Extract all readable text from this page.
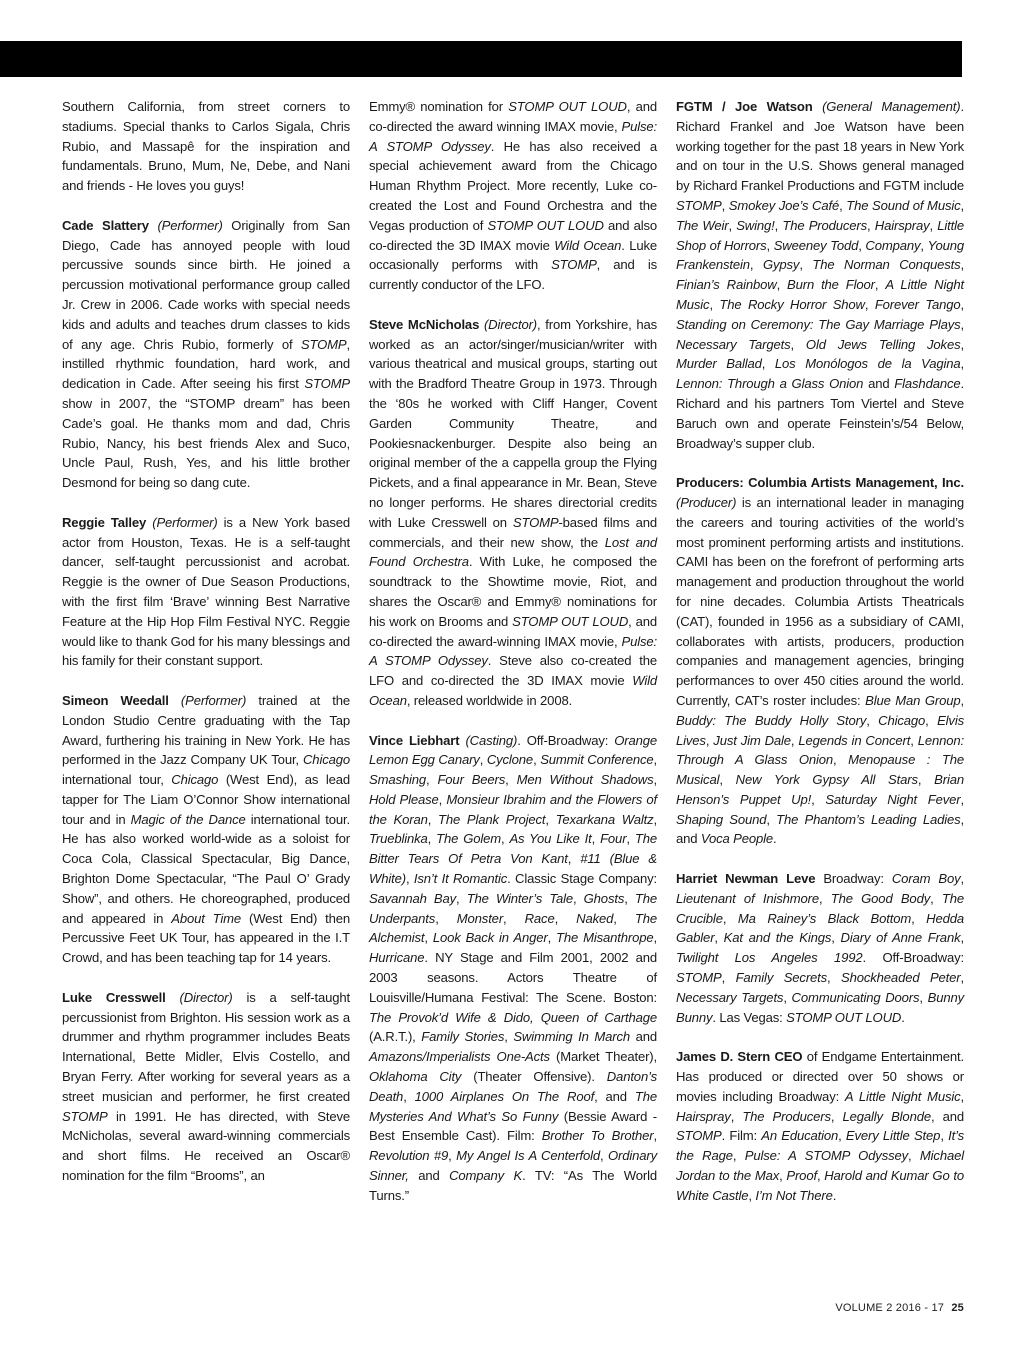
Southern California, from street corners to stadiums. Special thanks to Carlos Sigala, Chris Rubio, and Massapê for the inspiration and fundamentals. Bruno, Mum, Ne, Debe, and Nani and friends - He loves you guys!

Cade Slattery (Performer) Originally from San Diego, Cade has annoyed people with loud percussive sounds since birth. He joined a percussion motivational performance group called Jr. Crew in 2006. Cade works with special needs kids and adults and teaches drum classes to kids of any age. Chris Rubio, formerly of STOMP, instilled rhythmic foundation, hard work, and dedication in Cade. After seeing his first STOMP show in 2007, the “STOMP dream” has been Cade’s goal. He thanks mom and dad, Chris Rubio, Nancy, his best friends Alex and Suco, Uncle Paul, Rush, Yes, and his little brother Desmond for being so dang cute.

Reggie Talley (Performer) is a New York based actor from Houston, Texas. He is a self-taught dancer, self-taught percussionist and acrobat. Reggie is the owner of Due Season Productions, with the first film ‘Brave’ winning Best Narrative Feature at the Hip Hop Film Festival NYC. Reggie would like to thank God for his many blessings and his family for their constant support.

Simeon Weedall (Performer) trained at the London Studio Centre graduating with the Tap Award, furthering his training in New York. He has performed in the Jazz Company UK Tour, Chicago international tour, Chicago (West End), as lead tapper for The Liam O’Connor Show international tour and in Magic of the Dance international tour. He has also worked world-wide as a soloist for Coca Cola, Classical Spectacular, Big Dance, Brighton Dome Spectacular, “The Paul O’ Grady Show”, and others. He choreographed, produced and appeared in About Time (West End) then Percussive Feet UK Tour, has appeared in the I.T Crowd, and has been teaching tap for 14 years.

Luke Cresswell (Director) is a self-taught percussionist from Brighton. His session work as a drummer and rhythm programmer includes Beats International, Bette Midler, Elvis Costello, and Bryan Ferry. After working for several years as a street musician and performer, he first created STOMP in 1991. He has directed, with Steve McNicholas, several award-winning commercials and short films. He received an Oscar® nomination for the film “Brooms”, an

Emmy® nomination for STOMP OUT LOUD, and co-directed the award winning IMAX movie, Pulse: A STOMP Odyssey. He has also received a special achievement award from the Chicago Human Rhythm Project. More recently, Luke co-created the Lost and Found Orchestra and the Vegas production of STOMP OUT LOUD and also co-directed the 3D IMAX movie Wild Ocean. Luke occasionally performs with STOMP, and is currently conductor of the LFO.

Steve McNicholas (Director), from Yorkshire, has worked as an actor/singer/musician/writer with various theatrical and musical groups, starting out with the Bradford Theatre Group in 1973. Through the ‘80s he worked with Cliff Hanger, Covent Garden Community Theatre, and Pookiesnackenburger. Despite also being an original member of the a cappella group the Flying Pickets, and a final appearance in Mr. Bean, Steve no longer performs. He shares directorial credits with Luke Cresswell on STOMP-based films and commercials, and their new show, the Lost and Found Orchestra. With Luke, he composed the soundtrack to the Showtime movie, Riot, and shares the Oscar® and Emmy® nominations for his work on Brooms and STOMP OUT LOUD, and co-directed the award-winning IMAX movie, Pulse: A STOMP Odyssey. Steve also co-created the LFO and co-directed the 3D IMAX movie Wild Ocean, released worldwide in 2008.

Vince Liebhart (Casting). Off-Broadway: Orange Lemon Egg Canary, Cyclone, Summit Conference, Smashing, Four Beers, Men Without Shadows, Hold Please, Monsieur Ibrahim and the Flowers of the Koran, The Plank Project, Texarkana Waltz, Trueblinka, The Golem, As You Like It, Four, The Bitter Tears Of Petra Von Kant, #11 (Blue & White), Isn’t It Romantic. Classic Stage Company: Savannah Bay, The Winter’s Tale, Ghosts, The Underpants, Monster, Race, Naked, The Alchemist, Look Back in Anger, The Misanthrope, Hurricane. NY Stage and Film 2001, 2002 and 2003 seasons. Actors Theatre of Louisville/Humana Festival: The Scene. Boston: The Provok’d Wife & Dido, Queen of Carthage (A.R.T.), Family Stories, Swimming In March and Amazons/Imperialists One-Acts (Market Theater), Oklahoma City (Theater Offensive). Danton’s Death, 1000 Airplanes On The Roof, and The Mysteries And What’s So Funny (Bessie Award - Best Ensemble Cast). Film: Brother To Brother, Revolution #9, My Angel Is A Centerfold, Ordinary Sinner, and Company K. TV: “As The World Turns.”

FGTM / Joe Watson (General Management). Richard Frankel and Joe Watson have been working together for the past 18 years in New York and on tour in the U.S. Shows general managed by Richard Frankel Productions and FGTM include STOMP, Smokey Joe’s Café, The Sound of Music, The Weir, Swing!, The Producers, Hairspray, Little Shop of Horrors, Sweeney Todd, Company, Young Frankenstein, Gypsy, The Norman Conquests, Finian’s Rainbow, Burn the Floor, A Little Night Music, The Rocky Horror Show, Forever Tango, Standing on Ceremony: The Gay Marriage Plays, Necessary Targets, Old Jews Telling Jokes, Murder Ballad, Los Monólogos de la Vagina, Lennon: Through a Glass Onion and Flashdance. Richard and his partners Tom Viertel and Steve Baruch own and operate Feinstein’s/54 Below, Broadway’s supper club.

Producers: Columbia Artists Management, Inc. (Producer) is an international leader in managing the careers and touring activities of the world’s most prominent performing artists and institutions. CAMI has been on the forefront of performing arts management and production throughout the world for nine decades. Columbia Artists Theatricals (CAT), founded in 1956 as a subsidiary of CAMI, collaborates with artists, producers, production companies and management agencies, bringing performances to over 450 cities around the world. Currently, CAT’s roster includes: Blue Man Group, Buddy: The Buddy Holly Story, Chicago, Elvis Lives, Just Jim Dale, Legends in Concert, Lennon: Through A Glass Onion, Menopause : The Musical, New York Gypsy All Stars, Brian Henson’s Puppet Up!, Saturday Night Fever, Shaping Sound, The Phantom’s Leading Ladies, and Voca People.

Harriet Newman Leve Broadway: Coram Boy, Lieutenant of Inishmore, The Good Body, The Crucible, Ma Rainey’s Black Bottom, Hedda Gabler, Kat and the Kings, Diary of Anne Frank, Twilight Los Angeles 1992. Off-Broadway: STOMP, Family Secrets, Shockheaded Peter, Necessary Targets, Communicating Doors, Bunny Bunny. Las Vegas: STOMP OUT LOUD.

James D. Stern CEO of Endgame Entertainment. Has produced or directed over 50 shows or movies including Broadway: A Little Night Music, Hairspray, The Producers, Legally Blonde, and STOMP. Film: An Education, Every Little Step, It’s the Rage, Pulse: A STOMP Odyssey, Michael Jordan to the Max, Proof, Harold and Kumar Go to White Castle, I’m Not There.

VOLUME 2 2016 - 17 25
